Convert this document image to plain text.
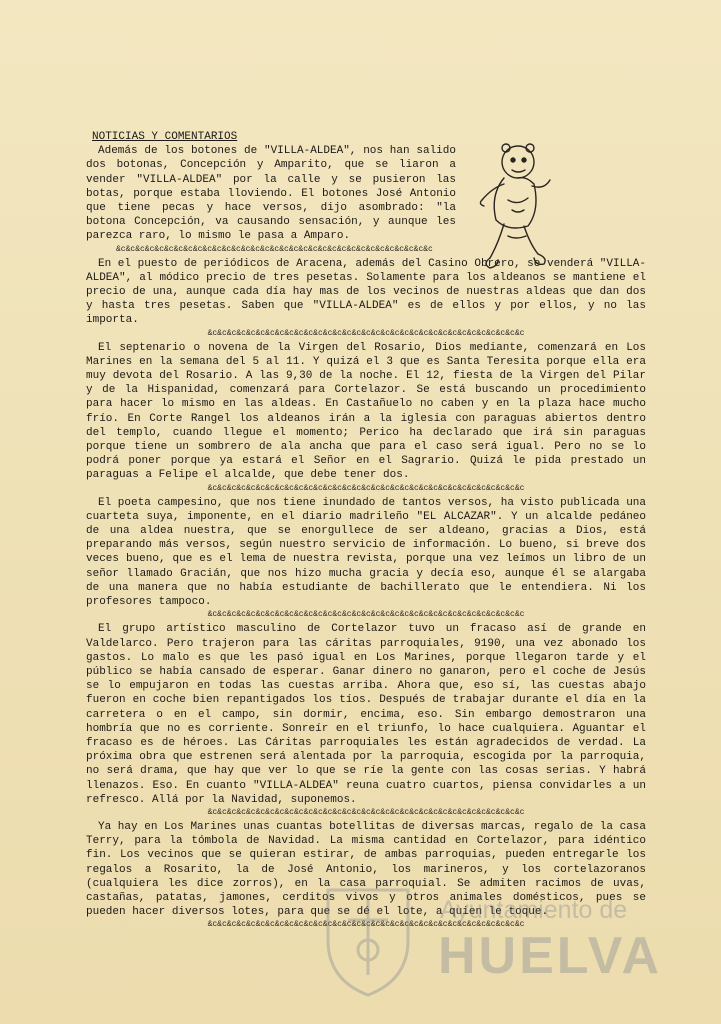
NOTICIAS Y COMENTARIOS

Además de los botones de "VILLA-ALDEA", nos han salido dos botonas, Concepción y Amparito, que se liaron a vender "VILLA-ALDEA" por la calle y se pusieron las botas, porque estaba lloviendo. El botones José Antonio que tiene pecas y hace versos, dijo asombrado: "la botona Concepción, va causando sensación, y aunque les parezca raro, lo mismo le pasa a Amparo.

&c&c&c&c&c&c&c&c&c&c&c&c&c&c&c&c&c&c&c&c&c&c&c&c&c&c&c&c&c&c&c&c&c

En el puesto de periódicos de Aracena, además del Casino Obrero, se venderá "VILLA-ALDEA", al módico precio de tres pesetas. Solamente para los aldeanos se mantiene el precio de una, aunque cada día hay mas de los vecinos de nuestras aldeas que dan dos y hasta tres pesetas. Saben que "VILLA-ALDEA" es de ellos y por ellos, y no las importa.

&c&c&c&c&c&c&c&c&c&c&c&c&c&c&c&c&c&c&c&c&c&c&c&c&c&c&c&c&c&c&c&c&c

El septenario o novena de la Virgen del Rosario, Dios mediante, comenzará en Los Marines en la semana del 5 al 11. Y quizá el 3 que es Santa Teresita porque ella era muy devota del Rosario. A las 9,30 de la noche. El 12, fiesta de la Virgen del Pilar y de la Hispanidad, comenzará para Cortelazor. Se está buscando un procedimiento para hacer lo mismo en las aldeas. En Castañuelo no caben y en la plaza hace mucho frío. En Corte Rangel los aldeanos irán a la iglesia con paraguas abiertos dentro del templo, cuando llegue el momento; Perico ha declarado que irá sin paraguas porque tiene un sombrero de ala ancha que para el caso será igual. Pero no se lo podrá poner porque ya estará el Señor en el Sagrario. Quizá le pida prestado un paraguas a Felipe el alcalde, que debe tener dos.

&c&c&c&c&c&c&c&c&c&c&c&c&c&c&c&c&c&c&c&c&c&c&c&c&c&c&c&c&c&c&c&c&c

El poeta campesino, que nos tiene inundado de tantos versos, ha visto publicada una cuarteta suya, imponente, en el diario madrileño "EL ALCAZAR". Y un alcalde pedáneo de una aldea nuestra, que se enorgullece de ser aldeano, gracias a Dios, está preparando más versos, según nuestro servicio de información. Lo bueno, si breve dos veces bueno, que es el lema de nuestra revista, porque una vez leímos un libro de un señor llamado Gracián, que nos hizo mucha gracia y decía eso, aunque él se alargaba de una manera que no había estudiante de bachillerato que le entendiera. Ni los profesores tampoco.

&c&c&c&c&c&c&c&c&c&c&c&c&c&c&c&c&c&c&c&c&c&c&c&c&c&c&c&c&c&c&c&c&c

El grupo artístico masculino de Cortelazor tuvo un fracaso así de grande en Valdelarco. Pero trajeron para las cáritas parroquiales, 9190, una vez abonado los gastos. Lo malo es que les pasó igual en Los Marines, porque llegaron tarde y el público se había cansado de esperar. Ganar dinero no ganaron, pero el coche de Jesús se lo empujaron en todas las cuestas arriba. Ahora que, eso sí, las cuestas abajo fueron en coche bien repantigados los tíos. Después de trabajar durante el día en la carretera o en el campo, sin dormir, encima, eso. Sin embargo demostraron una hombría que no es corriente. Sonreír en el triunfo, lo hace cualquiera. Aguantar el fracaso es de héroes. Las Cáritas parroquiales les están agradecidos de verdad. La próxima obra que estrenen será alentada por la parroquia, escogida por la parroquia, no será drama, que hay que ver lo que se ríe la gente con las cosas serias. Y habrá llenazos. Eso. En cuanto "VILLA-ALDEA" reuna cuatro cuartos, piensa convidarles a un refresco. Allá por la Navidad, suponemos.

&c&c&c&c&c&c&c&c&c&c&c&c&c&c&c&c&c&c&c&c&c&c&c&c&c&c&c&c&c&c&c&c&c

Ya hay en Los Marines unas cuantas botellitas de diversas marcas, regalo de la casa Terry, para la tómbola de Navidad. La misma cantidad en Cortelazor, para idéntico fin. Los vecinos que se quieran estirar, de ambas parroquias, pueden entregarle los regalos a Rosarito, la de José Antonio, los marineros, y los cortelazoranos (cualquiera les dice zorros), en la casa parroquial. Se admiten racimos de uvas, castañas, patatas, jamones, cerditos vivos y otros animales domésticos, pues se pueden hacer diversos lotes, para que se dé el lote, a quien le toque.

&c&c&c&c&c&c&c&c&c&c&c&c&c&c&c&c&c&c&c&c&c&c&c&c&c&c&c&c&c&c&c&c&c
Ayuntamiento de
HUELVA
